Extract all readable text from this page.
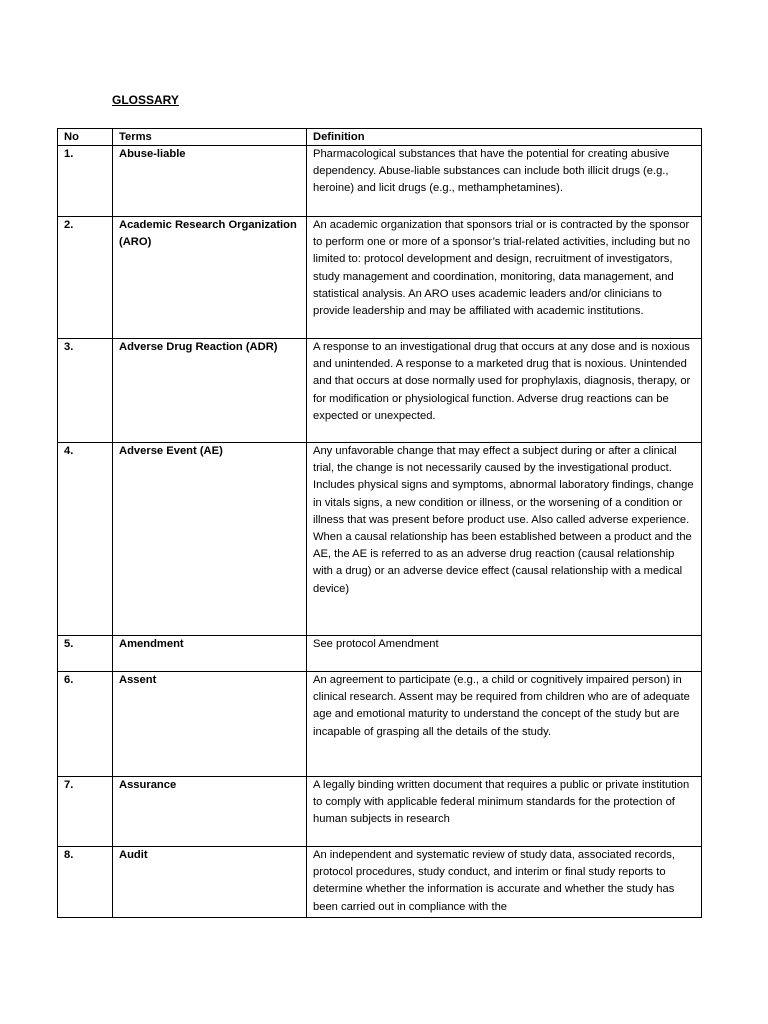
GLOSSARY
No	Terms	Definition
1.	Abuse-liable	Pharmacological substances that have the potential for creating abusive dependency. Abuse-liable substances can include both illicit drugs (e.g., heroine) and licit drugs (e.g., methamphetamines).
2.	Academic Research Organization (ARO)	An academic organization that sponsors trial or is contracted by the sponsor to perform one or more of a sponsor’s trial-related activities, including but no limited to: protocol development and design, recruitment of investigators, study management and coordination, monitoring, data management, and statistical analysis. An ARO uses academic leaders and/or clinicians to provide leadership and may be affiliated with academic institutions.
3.	Adverse Drug Reaction (ADR)	A response to an investigational drug that occurs at any dose and is noxious and unintended. A response to a marketed drug that is noxious. Unintended and that occurs at dose normally used for prophylaxis, diagnosis, therapy, or for modification or physiological function. Adverse drug reactions can be expected or unexpected.
4.	Adverse Event (AE)	Any unfavorable change that may effect a subject during or after a clinical trial, the change is not necessarily caused by the investigational product. Includes physical signs and symptoms, abnormal laboratory findings, change in vitals signs, a new condition or illness, or the worsening of a condition or illness that was present before product use. Also called adverse experience. When a causal relationship has been established between a product and the AE, the AE is referred to as an adverse drug reaction (causal relationship with a drug) or an adverse device effect (causal relationship with a medical device)
5.	Amendment	See protocol Amendment
6.	Assent	An agreement to participate (e.g., a child or cognitively impaired person) in clinical research. Assent may be required from children who are of adequate age and emotional maturity to understand the concept of the study but are incapable of grasping all the details of the study.
7.	Assurance	A legally binding written document that requires a public or private institution to comply with applicable federal minimum standards for the protection of human subjects in research
8.	Audit	An independent and systematic review of study data, associated records, protocol procedures, study conduct, and interim or final study reports to determine whether the information is accurate and whether the study has been carried out in compliance with the
